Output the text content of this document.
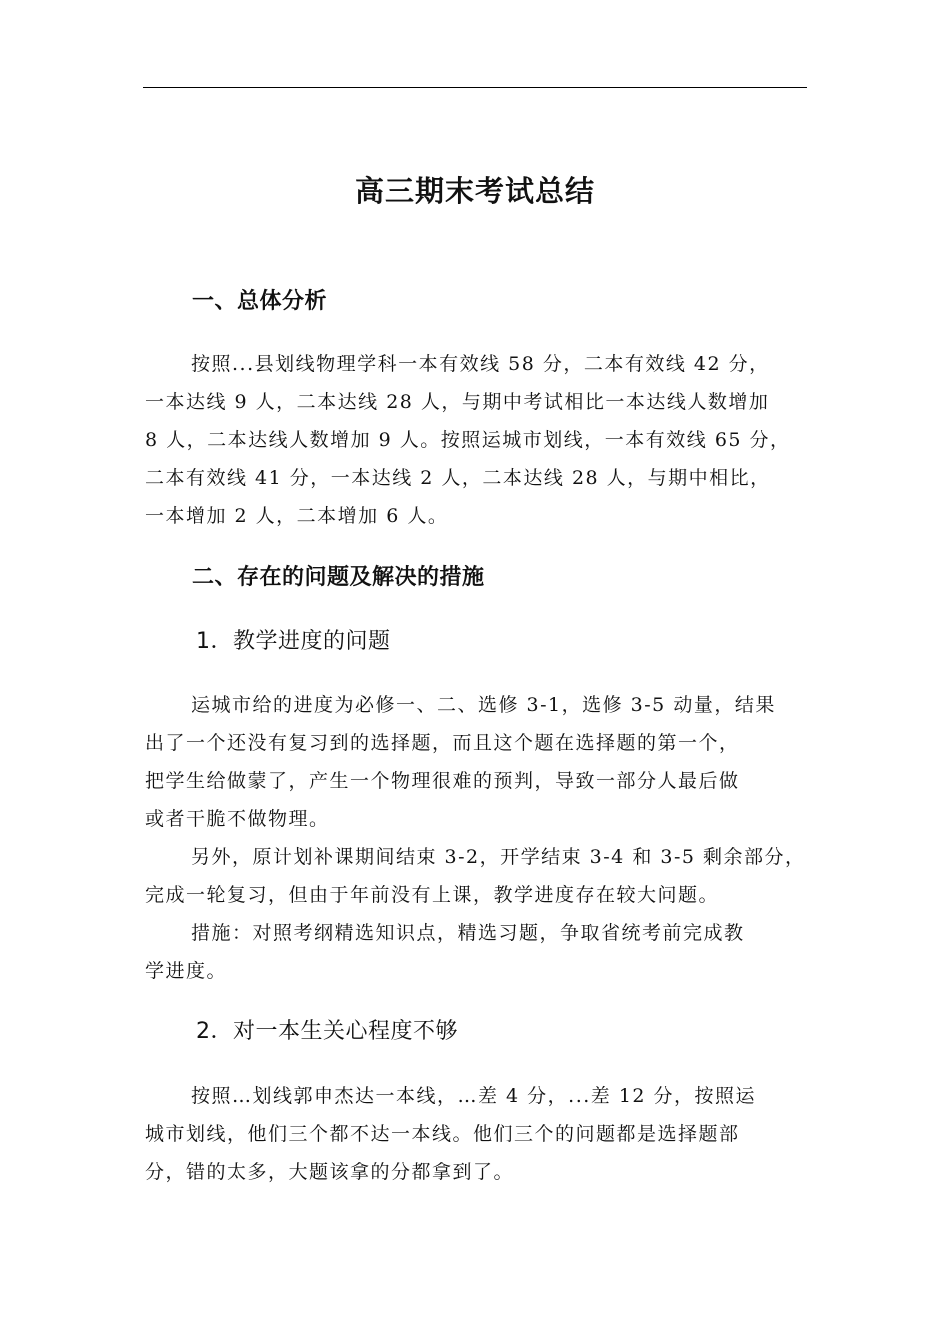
高三期末考试总结
一、总体分析
按照...县划线物理学科一本有效线 58 分，二本有效线 42 分，
一本达线 9 人，二本达线 28 人，与期中考试相比一本达线人数增加
8 人，二本达线人数增加 9 人。按照运城市划线，一本有效线 65 分，
二本有效线 41 分，一本达线 2 人，二本达线 28 人，与期中相比，
一本增加 2 人，二本增加 6 人。
二、存在的问题及解决的措施
1．教学进度的问题
运城市给的进度为必修一、二、选修 3-1，选修 3-5 动量，结果
出了一个还没有复习到的选择题，而且这个题在选择题的第一个，
把学生给做蒙了，产生一个物理很难的预判，导致一部分人最后做
或者干脆不做物理。
另外，原计划补课期间结束 3-2，开学结束 3-4 和 3-5 剩余部分，
完成一轮复习，但由于年前没有上课，教学进度存在较大问题。
措施：对照考纲精选知识点，精选习题，争取省统考前完成教
学进度。
2．对一本生关心程度不够
按照…划线郭申杰达一本线，…差 4 分，...差 12 分，按照运
城市划线，他们三个都不达一本线。他们三个的问题都是选择题部
分，错的太多，大题该拿的分都拿到了。
